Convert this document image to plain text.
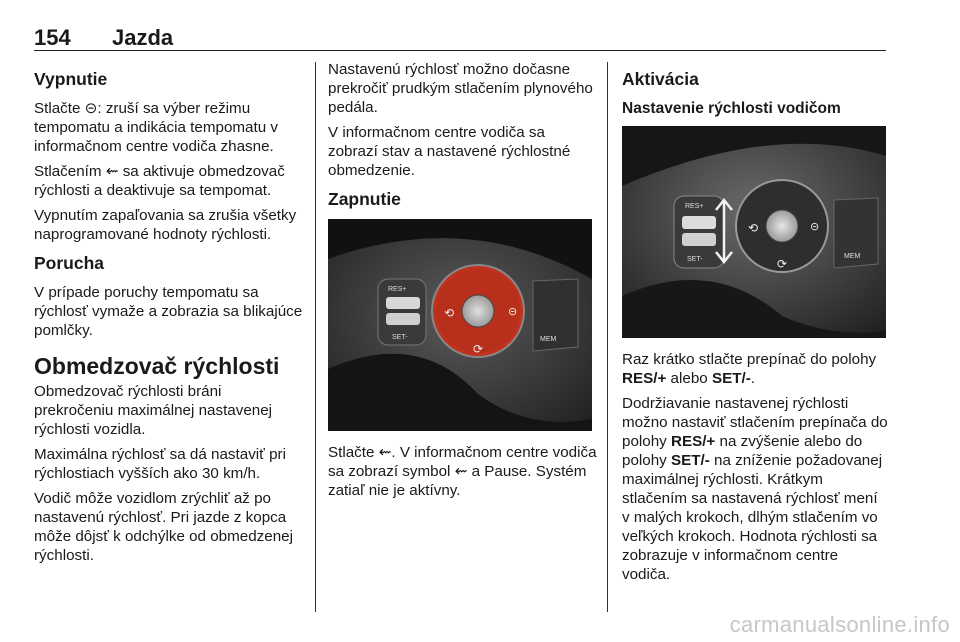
154 Jazda
Vypnutie

Stlačte ⊝: zruší sa výber režimu tempomatu a indikácia tempomatu v informačnom centre vodiča zhasne.

Stlačením ⇜ sa aktivuje obmedzovač rýchlosti a deaktivuje sa tempomat.

Vypnutím zapaľovania sa zrušia všetky naprogramované hodnoty rýchlosti.

Porucha

V prípade poruchy tempomatu sa rýchlosť vymaže a zobrazia sa blikajúce pomlčky.

Obmedzovač rýchlosti

Obmedzovač rýchlosti bráni prekročeniu maximálnej nastavenej rýchlosti vozidla.

Maximálna rýchlosť sa dá nastaviť pri rýchlostiach vyšších ako 30 km/h.

Vodič môže vozidlom zrýchliť až po nastavenú rýchlosť. Pri jazde z kopca môže dôjsť k odchýlke od obmedzenej rýchlosti.

Nastavenú rýchlosť možno dočasne prekročiť prudkým stlačením plynového pedála.

V informačnom centre vodiča sa zobrazí stav a nastavené rýchlostné obmedzenie.

Zapnutie
RES+
SET-
⟲
⟳
⊝
MEM

Stlačte ⇜. V informačnom centre vodiča sa zobrazí symbol ⇜ a Pause. Systém zatiaľ nie je aktívny.

Aktivácia
Nastavenie rýchlosti vodičom
RES+
SET-
⟲
⟳
⊝
MEM

Raz krátko stlačte prepínač do polohy RES/+ alebo SET/-.

Dodržiavanie nastavenej rýchlosti možno nastaviť stlačením prepínača do polohy RES/+ na zvýšenie alebo do polohy SET/- na zníženie požadovanej maximálnej rýchlosti. Krátkym stlačením sa nastavená rýchlosť mení v malých krokoch, dlhým stlačením vo veľkých krokoch. Hodnota rýchlosti sa zobrazuje v informačnom centre vodiča.

carmanualsonline.info
